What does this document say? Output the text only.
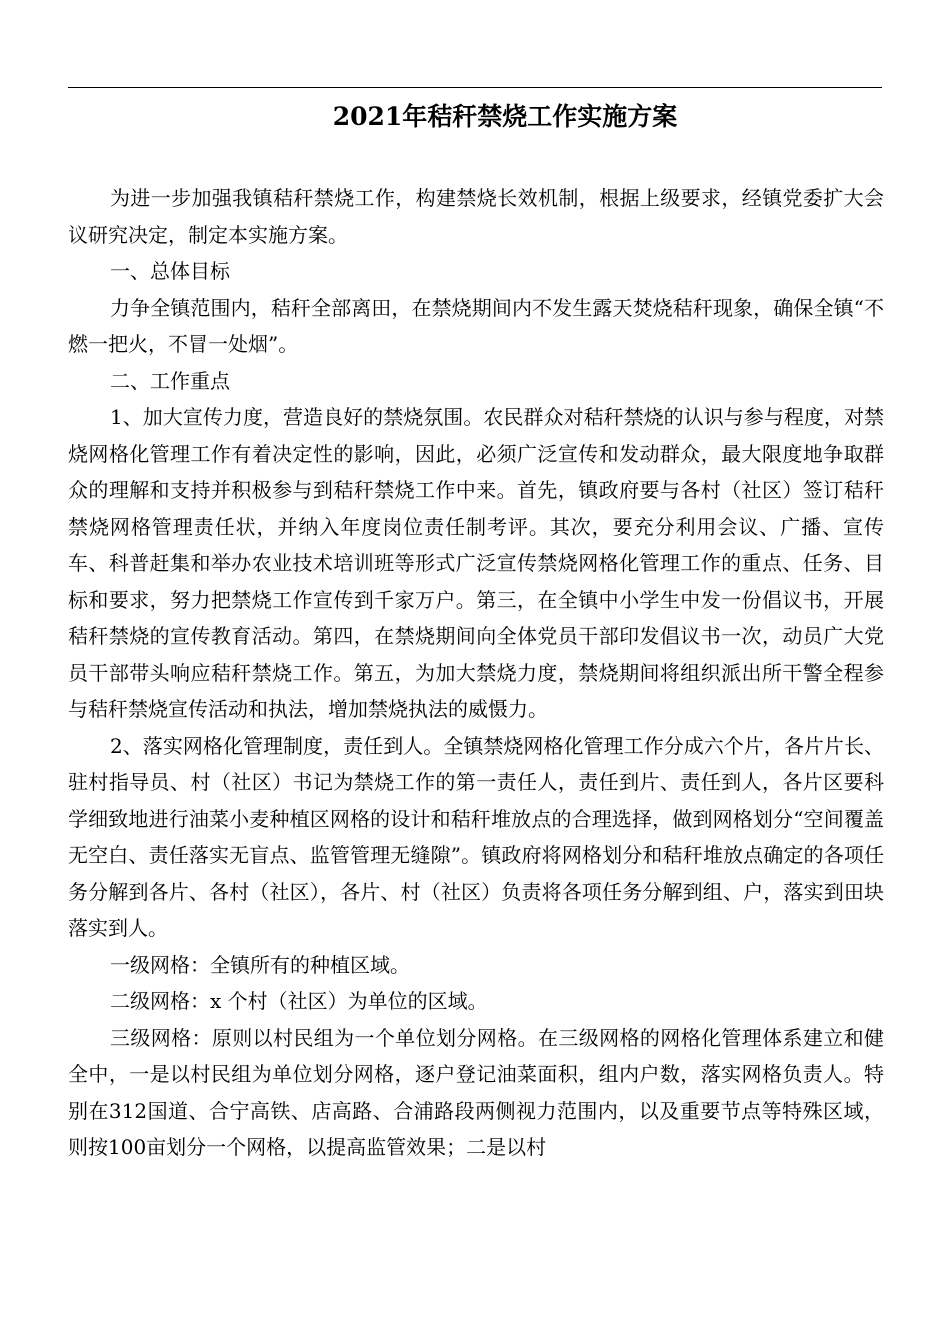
2021年秸秆禁烧工作实施方案

为进一步加强我镇秸秆禁烧工作，构建禁烧长效机制，根据上级要求，经镇党委扩大会议研究决定，制定本实施方案。

一、总体目标

力争全镇范围内，秸秆全部离田，在禁烧期间内不发生露天焚烧秸秆现象，确保全镇“不燃一把火，不冒一处烟”。

二、工作重点

1、加大宣传力度，营造良好的禁烧氛围。农民群众对秸秆禁烧的认识与参与程度，对禁烧网格化管理工作有着决定性的影响，因此，必须广泛宣传和发动群众，最大限度地争取群众的理解和支持并积极参与到秸秆禁烧工作中来。首先，镇政府要与各村（社区）签订秸秆禁烧网格管理责任状，并纳入年度岗位责任制考评。其次，要充分利用会议、广播、宣传车、科普赶集和举办农业技术培训班等形式广泛宣传禁烧网格化管理工作的重点、任务、目标和要求，努力把禁烧工作宣传到千家万户。第三，在全镇中小学生中发一份倡议书，开展秸秆禁烧的宣传教育活动。第四，在禁烧期间向全体党员干部印发倡议书一次，动员广大党员干部带头响应秸秆禁烧工作。第五，为加大禁烧力度，禁烧期间将组织派出所干警全程参与秸秆禁烧宣传活动和执法，增加禁烧执法的威慑力。

2、落实网格化管理制度，责任到人。全镇禁烧网格化管理工作分成六个片，各片片长、驻村指导员、村（社区）书记为禁烧工作的第一责任人，责任到片、责任到人，各片区要科学细致地进行油菜小麦种植区网格的设计和秸秆堆放点的合理选择，做到网格划分“空间覆盖无空白、责任落实无盲点、监管管理无缝隙”。镇政府将网格划分和秸秆堆放点确定的各项任务分解到各片、各村（社区），各片、村（社区）负责将各项任务分解到组、户，落实到田块落实到人。

一级网格：全镇所有的种植区域。

二级网格：x 个村（社区）为单位的区域。

三级网格：原则以村民组为一个单位划分网格。在三级网格的网格化管理体系建立和健全中，一是以村民组为单位划分网格，逐户登记油菜面积，组内户数，落实网格负责人。特别在312国道、合宁高铁、店高路、合浦路段两侧视力范围内，以及重要节点等特殊区域，则按100亩划分一个网格，以提高监管效果；二是以村
